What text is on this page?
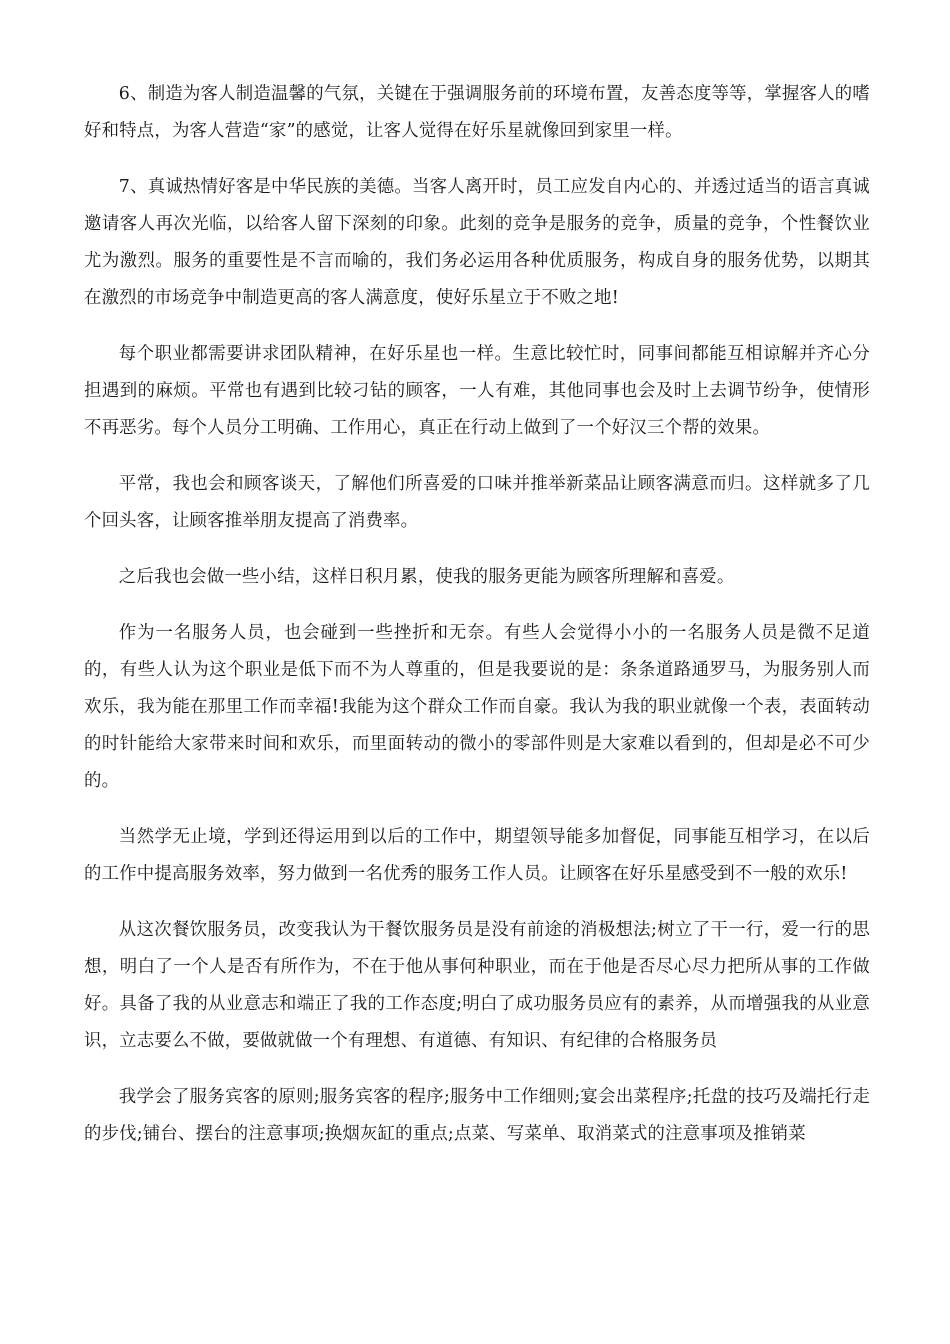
6、制造为客人制造温馨的气氛，关键在于强调服务前的环境布置，友善态度等等，掌握客人的嗜好和特点，为客人营造“家”的感觉，让客人觉得在好乐星就像回到家里一样。

7、真诚热情好客是中华民族的美德。当客人离开时，员工应发自内心的、并透过适当的语言真诚邀请客人再次光临，以给客人留下深刻的印象。此刻的竞争是服务的竞争，质量的竞争，个性餐饮业尤为激烈。服务的重要性是不言而喻的，我们务必运用各种优质服务，构成自身的服务优势，以期其在激烈的市场竞争中制造更高的客人满意度，使好乐星立于不败之地!

每个职业都需要讲求团队精神，在好乐星也一样。生意比较忙时，同事间都能互相谅解并齐心分担遇到的麻烦。平常也有遇到比较刁钻的顾客，一人有难，其他同事也会及时上去调节纷争，使情形不再恶劣。每个人员分工明确、工作用心，真正在行动上做到了一个好汉三个帮的效果。

平常，我也会和顾客谈天，了解他们所喜爱的口味并推举新菜品让顾客满意而归。这样就多了几个回头客，让顾客推举朋友提高了消费率。

之后我也会做一些小结，这样日积月累，使我的服务更能为顾客所理解和喜爱。

作为一名服务人员，也会碰到一些挫折和无奈。有些人会觉得小小的一名服务人员是微不足道的，有些人认为这个职业是低下而不为人尊重的，但是我要说的是：条条道路通罗马，为服务别人而欢乐，我为能在那里工作而幸福!我能为这个群众工作而自豪。我认为我的职业就像一个表，表面转动的时针能给大家带来时间和欢乐，而里面转动的微小的零部件则是大家难以看到的，但却是必不可少的。

当然学无止境，学到还得运用到以后的工作中，期望领导能多加督促，同事能互相学习，在以后的工作中提高服务效率，努力做到一名优秀的服务工作人员。让顾客在好乐星感受到不一般的欢乐!

从这次餐饮服务员，改变我认为干餐饮服务员是没有前途的消极想法;树立了干一行，爱一行的思想，明白了一个人是否有所作为，不在于他从事何种职业，而在于他是否尽心尽力把所从事的工作做好。具备了我的从业意志和端正了我的工作态度;明白了成功服务员应有的素养，从而增强我的从业意识，立志要么不做，要做就做一个有理想、有道德、有知识、有纪律的合格服务员

我学会了服务宾客的原则;服务宾客的程序;服务中工作细则;宴会出菜程序;托盘的技巧及端托行走的步伐;铺台、摆台的注意事项;换烟灰缸的重点;点菜、写菜单、取消菜式的注意事项及推销菜
